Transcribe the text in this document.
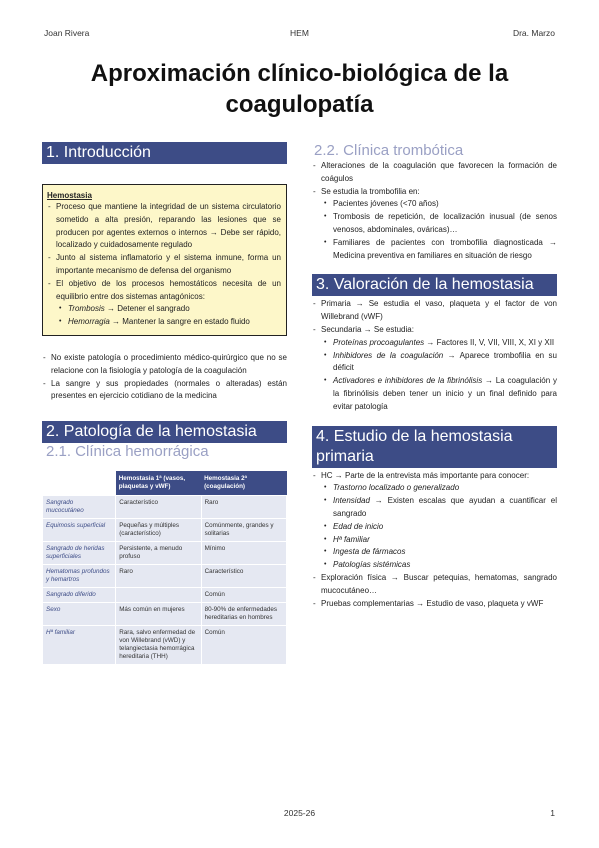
Joan Rivera	HEM	Dra. Marzo
Aproximación clínico-biológica de la coagulopatía
1. Introducción
Hemostasia
- Proceso que mantiene la integridad de un sistema circulatorio sometido a alta presión, reparando las lesiones que se producen por agentes externos o internos → Debe ser rápido, localizado y cuidadosamente regulado
- Junto al sistema inflamatorio y el sistema inmune, forma un importante mecanismo de defensa del organismo
- El objetivo de los procesos hemostáticos necesita de un equilibrio entre dos sistemas antagónicos:
• Trombosis → Detener el sangrado
• Hemorragia → Mantener la sangre en estado fluido
- No existe patología o procedimiento médico-quirúrgico que no se relacione con la fisiología y patología de la coagulación
- La sangre y sus propiedades (normales o alteradas) están presentes en ejercicio cotidiano de la medicina
2. Patología de la hemostasia
2.1. Clínica hemorrágica
	Hemostasia 1ª (vasos, plaquetas y vWF)	Hemostasia 2ª (coagulación)
Sangrado mucocutáneo	Característico	Raro
Equimosis superficial	Pequeñas y múltiples (característico)	Comúnmente, grandes y solitarias
Sangrado de heridas superficiales	Persistente, a menudo profuso	Mínimo
Hematomas profundos y hemartros	Raro	Característico
Sangrado diferido		Común
Sexo	Más común en mujeres	80-90% de enfermedades hereditarias en hombres
Hª familiar	Rara, salvo enfermedad de von Willebrand (vWD) y telangiectasia hemorrágica hereditaria (THH)	Común
2.2. Clínica trombótica
- Alteraciones de la coagulación que favorecen la formación de coágulos
- Se estudia la trombofilia en:
• Pacientes jóvenes (<70 años)
• Trombosis de repetición, de localización inusual (de senos venosos, abdominales, ováricas)…
• Familiares de pacientes con trombofilia diagnosticada → Medicina preventiva en familiares en situación de riesgo
3. Valoración de la hemostasia
- Primaria → Se estudia el vaso, plaqueta y el factor de von Willebrand (vWF)
- Secundaria → Se estudia:
• Proteínas procoagulantes → Factores II, V, VII, VIII, X, XI y XII
• Inhibidores de la coagulación → Aparece trombofilia en su déficit
• Activadores e inhibidores de la fibrinólisis → La coagulación y la fibrinólisis deben tener un inicio y un final definido para evitar patología
4. Estudio de la hemostasia primaria
- HC → Parte de la entrevista más importante para conocer:
• Trastorno localizado o generalizado
• Intensidad → Existen escalas que ayudan a cuantificar el sangrado
• Edad de inicio
• Hª familiar
• Ingesta de fármacos
• Patologías sistémicas
- Exploración física → Buscar petequias, hematomas, sangrado mucocutáneo…
- Pruebas complementarias → Estudio de vaso, plaqueta y vWF
2025-26	1
